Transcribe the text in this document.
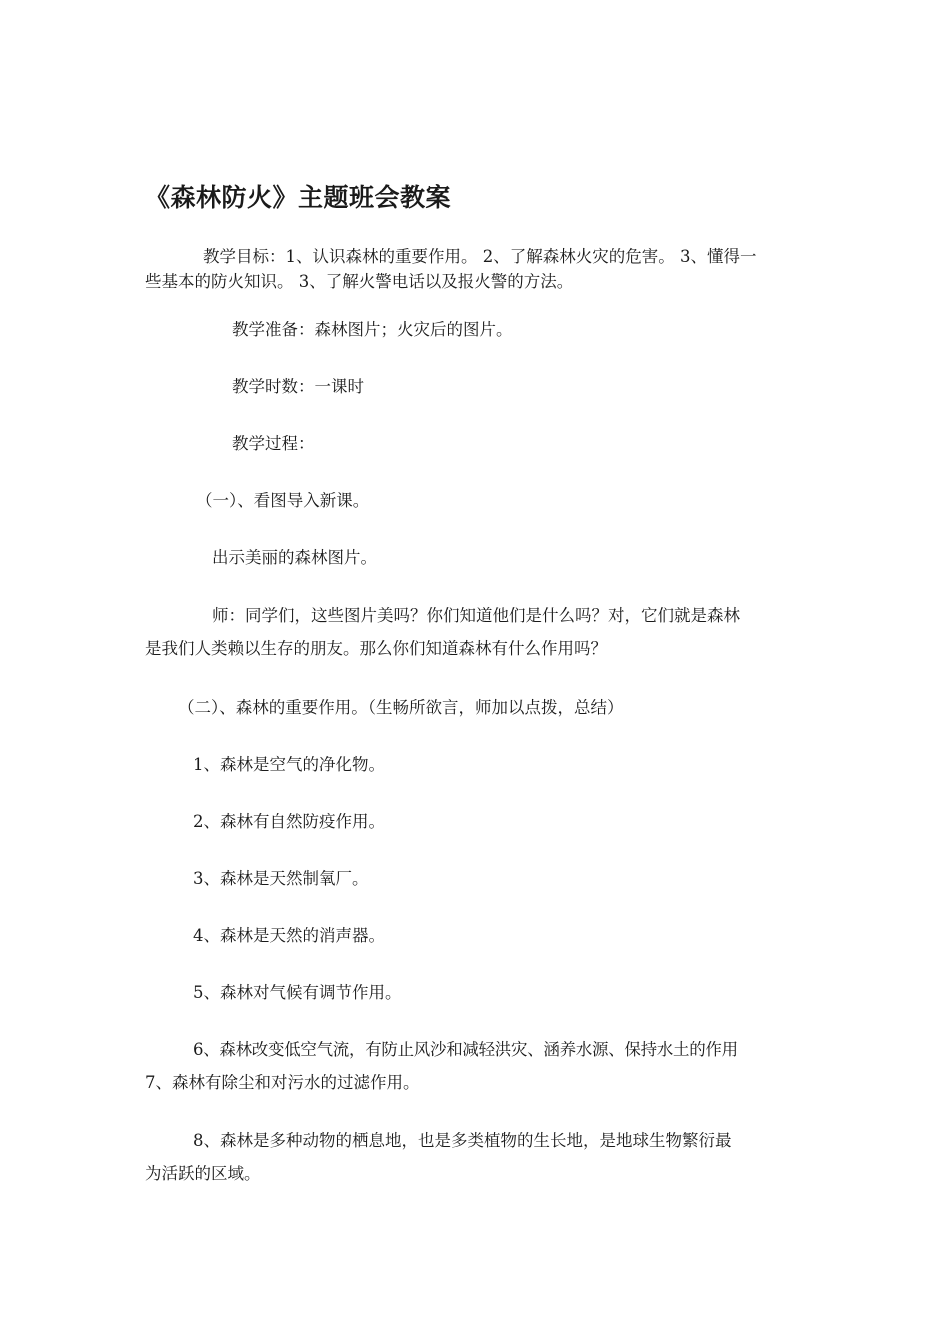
《森林防火》主题班会教案
教学目标：1、认识森林的重要作用。 2、了解森林火灾的危害。 3、懂得一
些基本的防火知识。 3、了解火警电话以及报火警的方法。
教学准备：森林图片；火灾后的图片。
教学时数：一课时
教学过程：
（一）、看图导入新课。
出示美丽的森林图片。
师：同学们，这些图片美吗？你们知道他们是什么吗？对，它们就是森林
是我们人类赖以生存的朋友。那么你们知道森林有什么作用吗？
（二）、森林的重要作用。（生畅所欲言，师加以点拨，总结）
1、森林是空气的净化物。
2、森林有自然防疫作用。
3、森林是天然制氧厂。
4、森林是天然的消声器。
5、森林对气候有调节作用。
6、森林改变低空气流，有防止风沙和减轻洪灾、涵养水源、保持水土的作用
7、森林有除尘和对污水的过滤作用。
8、森林是多种动物的栖息地，也是多类植物的生长地，是地球生物繁衍最
为活跃的区域。
